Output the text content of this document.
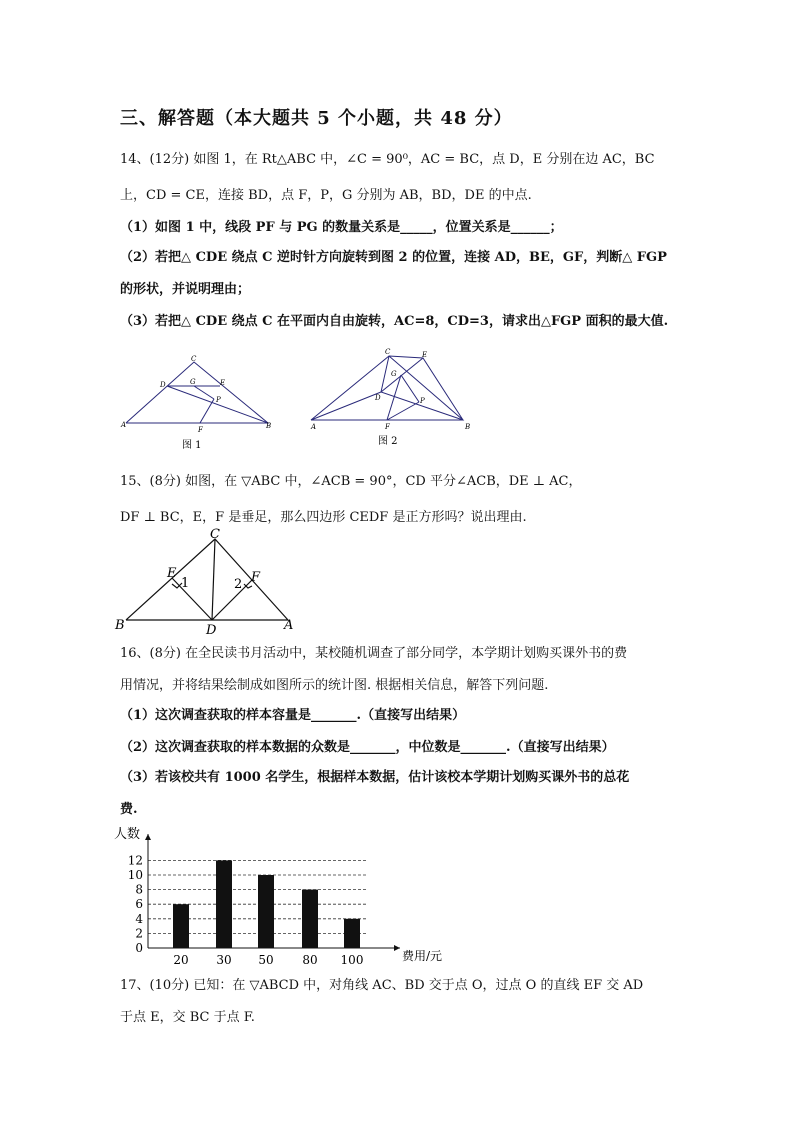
三、解答题（本大题共 5 个小题，共 48 分）
14、(12分) 如图 1，在 Rt△ABC 中，∠C = 90⁰，AC = BC，点 D，E 分别在边 AC，BC
上，CD = CE，连接 BD，点 F，P，G 分别为 AB，BD，DE 的中点.
（1）如图 1 中，线段 PF 与 PG 的数量关系是_____，位置关系是______；
（2）若把△ CDE 绕点 C 逆时针方向旋转到图 2 的位置，连接 AD，BE，GF，判断△ FGP
的形状，并说明理由；
（3）若把△ CDE 绕点 C 在平面内自由旋转，AC=8，CD=3，请求出△FGP 面积的最大值.
C
D	G	E
P
A
F	B
图 1
C	E
G
D	P
A	F	B
图 2
15、(8分) 如图，在 ▽ABC 中，∠ACB = 90°，CD 平分∠ACB，DE ⊥ AC，
DF ⊥ BC，E，F 是垂足，那么四边形 CEDF 是正方形吗？说出理由.
C
E
1	2 F
B	D	A
16、(8分) 在全民读书月活动中，某校随机调查了部分同学，本学期计划购买课外书的费
用情况，并将结果绘制成如图所示的统计图. 根据相关信息，解答下列问题.
（1）这次调查获取的样本容量是_______.（直接写出结果）
（2）这次调查获取的样本数据的众数是_______，中位数是_______.（直接写出结果）
（3）若该校共有 1000 名学生，根据样本数据，估计该校本学期计划购买课外书的总花
费.
0
2
4
6
8
10
12
人数
费用/元
20 30 50 80 100
17、(10分) 已知：在 ▽ABCD 中，对角线 AC、BD 交于点 O，过点 O 的直线 EF 交 AD
于点 E，交 BC 于点 F.
